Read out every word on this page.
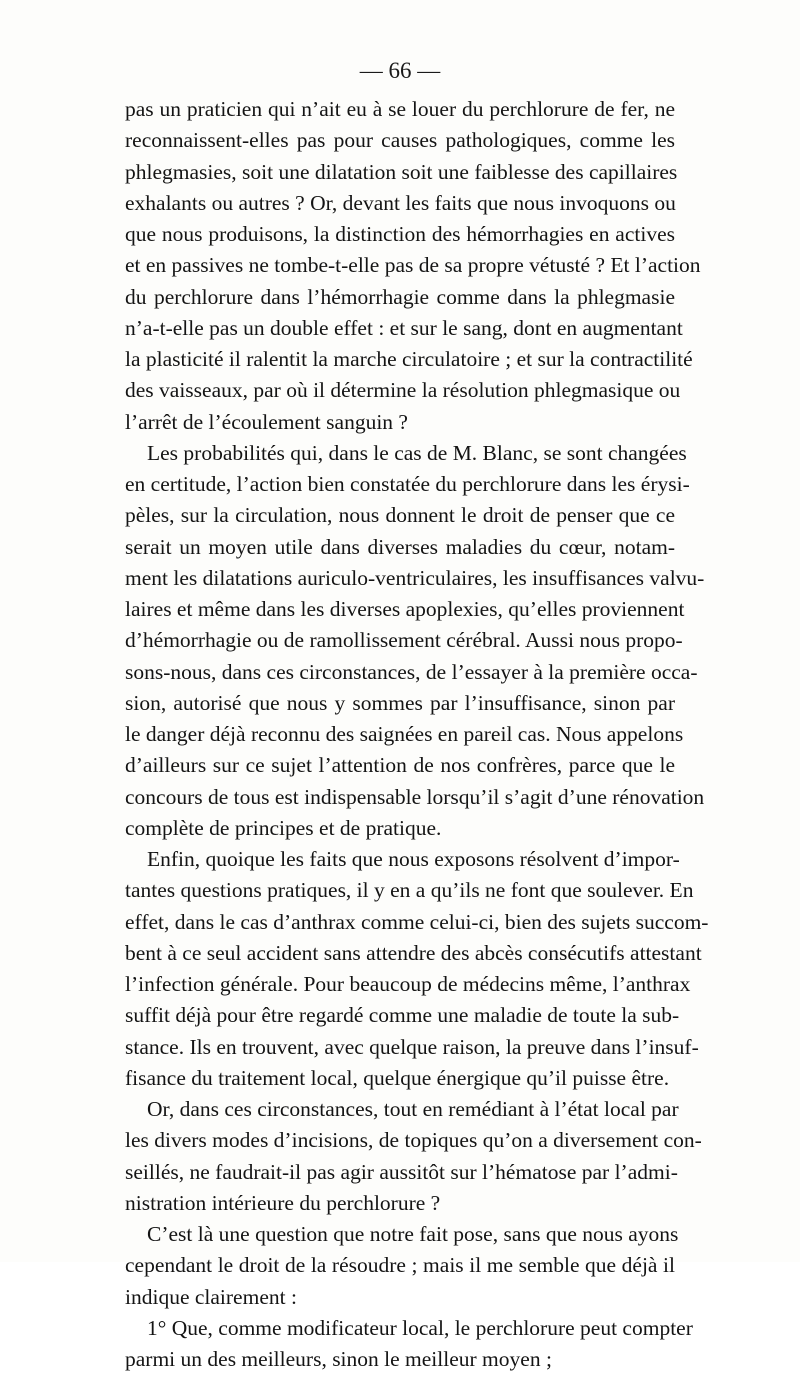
— 66 —
pas un praticien qui n’ait eu à se louer du perchlorure de fer, ne
reconnaissent-elles pas pour causes pathologiques, comme les
phlegmasies, soit une dilatation soit une faiblesse des capillaires
exhalants ou autres ? Or, devant les faits que nous invoquons ou
que nous produisons, la distinction des hémorrhagies en actives
et en passives ne tombe-t-elle pas de sa propre vétusté ? Et l’action
du perchlorure dans l’hémorrhagie comme dans la phlegmasie
n’a-t-elle pas un double effet : et sur le sang, dont en augmentant
la plasticité il ralentit la marche circulatoire ; et sur la contractilité
des vaisseaux, par où il détermine la résolution phlegmasique ou
l’arrêt de l’écoulement sanguin ?
Les probabilités qui, dans le cas de M. Blanc, se sont changées
en certitude, l’action bien constatée du perchlorure dans les érysi-
pèles, sur la circulation, nous donnent le droit de penser que ce
serait un moyen utile dans diverses maladies du cœur, notam-
ment les dilatations auriculo-ventriculaires, les insuffisances valvu-
laires et même dans les diverses apoplexies, qu’elles proviennent
d’hémorrhagie ou de ramollissement cérébral. Aussi nous propo-
sons-nous, dans ces circonstances, de l’essayer à la première occa-
sion, autorisé que nous y sommes par l’insuffisance, sinon par
le danger déjà reconnu des saignées en pareil cas. Nous appelons
d’ailleurs sur ce sujet l’attention de nos confrères, parce que le
concours de tous est indispensable lorsqu’il s’agit d’une rénovation
complète de principes et de pratique.
Enfin, quoique les faits que nous exposons résolvent d’impor-
tantes questions pratiques, il y en a qu’ils ne font que soulever. En
effet, dans le cas d’anthrax comme celui-ci, bien des sujets succom-
bent à ce seul accident sans attendre des abcès consécutifs attestant
l’infection générale. Pour beaucoup de médecins même, l’anthrax
suffit déjà pour être regardé comme une maladie de toute la sub-
stance. Ils en trouvent, avec quelque raison, la preuve dans l’insuf-
fisance du traitement local, quelque énergique qu’il puisse être.
Or, dans ces circonstances, tout en remédiant à l’état local par
les divers modes d’incisions, de topiques qu’on a diversement con-
seillés, ne faudrait-il pas agir aussitôt sur l’hématose par l’admi-
nistration intérieure du perchlorure ?
C’est là une question que notre fait pose, sans que nous ayons
cependant le droit de la résoudre ; mais il me semble que déjà il
indique clairement :
1° Que, comme modificateur local, le perchlorure peut compter
parmi un des meilleurs, sinon le meilleur moyen ;
